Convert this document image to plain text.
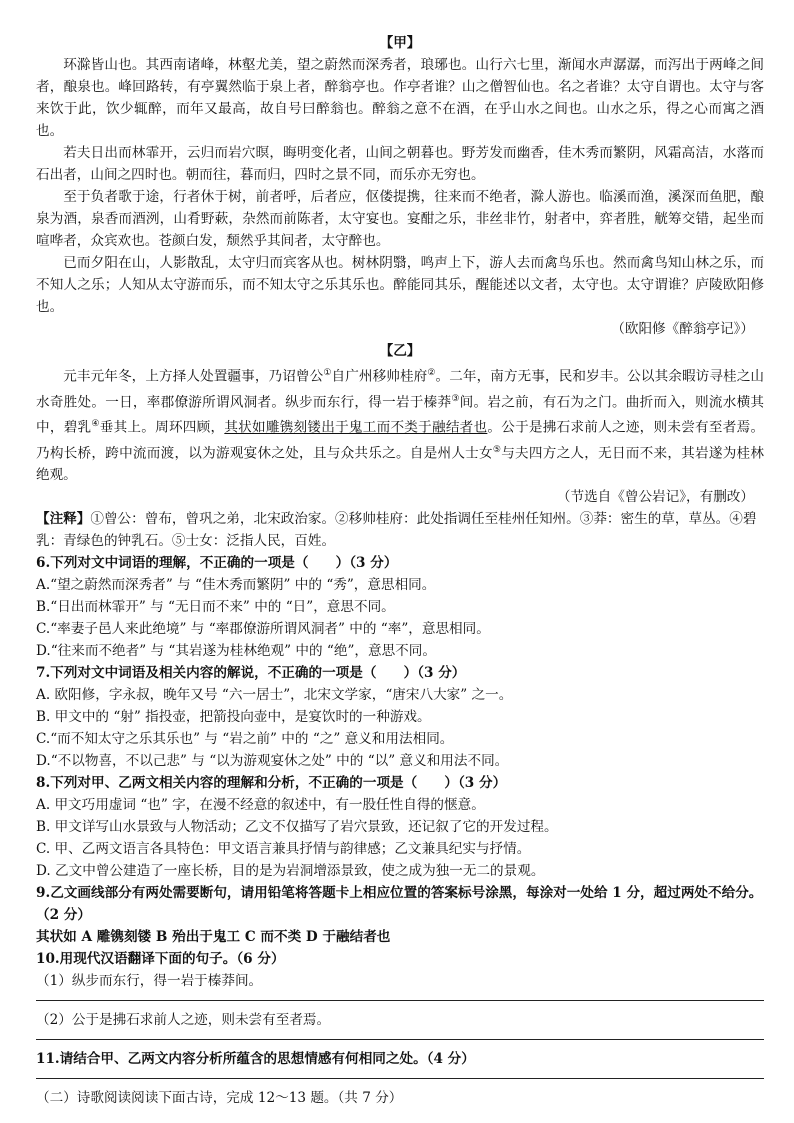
【甲】

环滁皆山也。其西南诸峰，林壑尤美，望之蔚然而深秀者，琅琊也。山行六七里，渐闻水声潺潺，而泻出于两峰之间者，酿泉也。峰回路转，有亭翼然临于泉上者，醉翁亭也。作亭者谁？山之僧智仙也。名之者谁？太守自谓也。太守与客来饮于此，饮少辄醉，而年又最高，故自号曰醉翁也。醉翁之意不在酒，在乎山水之间也。山水之乐，得之心而寓之酒也。

若夫日出而林霏开，云归而岩穴暝，晦明变化者，山间之朝暮也。野芳发而幽香，佳木秀而繁阴，风霜高洁，水落而石出者，山间之四时也。朝而往，暮而归，四时之景不同，而乐亦无穷也。

至于负者歌于途，行者休于树，前者呼，后者应，伛偻提携，往来而不绝者，滁人游也。临溪而渔，溪深而鱼肥，酿泉为酒，泉香而酒洌，山肴野蔌，杂然而前陈者，太守宴也。宴酣之乐，非丝非竹，射者中，弈者胜，觥筹交错，起坐而喧哗者，众宾欢也。苍颜白发，颓然乎其间者，太守醉也。

已而夕阳在山，人影散乱，太守归而宾客从也。树林阴翳，鸣声上下，游人去而禽鸟乐也。然而禽鸟知山林之乐，而不知人之乐；人知从太守游而乐，而不知太守之乐其乐也。醉能同其乐，醒能述以文者，太守也。太守谓谁？庐陵欧阳修也。

（欧阳修《醉翁亭记》）

【乙】

元丰元年冬，上方择人处置疆事，乃诏曾公①自广州移帅桂府②。二年，南方无事，民和岁丰。公以其余暇访寻桂之山水奇胜处。一日，率郡僚游所谓风洞者。纵步而东行，得一岩于榛莽③间。岩之前，有石为之门。曲折而入，则流水横其中，碧乳④垂其上。周环四顾，其状如雕镌刻镂出于鬼工而不类于融结者也。公于是拂石求前人之迹，则未尝有至者焉。乃构长桥，跨中流而渡，以为游观宴休之处，且与众共乐之。自是州人士女⑤与夫四方之人，无日而不来，其岩遂为桂林绝观。

（节选自《曾公岩记》，有删改）

【注释】①曾公：曾布，曾巩之弟，北宋政治家。②移帅桂府：此处指调任至桂州任知州。③莽：密生的草，草丛。④碧乳：青绿色的钟乳石。⑤士女：泛指人民，百姓。

6.下列对文中词语的理解，不正确的一项是（　　）（3 分）

A.“望之蔚然而深秀者” 与 “佳木秀而繁阴” 中的 “秀”，意思相同。

B.“日出而林霏开” 与 “无日而不来” 中的 “日”，意思不同。

C.“率妻子邑人来此绝境” 与 “率郡僚游所谓风洞者” 中的 “率”，意思相同。

D.“往来而不绝者” 与 “其岩遂为桂林绝观” 中的 “绝”，意思不同。

7.下列对文中词语及相关内容的解说，不正确的一项是（　　）（3 分）

A. 欧阳修，字永叔，晚年又号 “六一居士”，北宋文学家，“唐宋八大家” 之一。

B. 甲文中的 “射” 指投壶，把箭投向壶中，是宴饮时的一种游戏。

C.“而不知太守之乐其乐也” 与 “岩之前” 中的 “之” 意义和用法相同。

D.“不以物喜，不以己悲” 与 “以为游观宴休之处” 中的 “以” 意义和用法不同。

8.下列对甲、乙两文相关内容的理解和分析，不正确的一项是（　　）（3 分）

A. 甲文巧用虚词 “也” 字，在漫不经意的叙述中，有一股任性自得的惬意。

B. 甲文详写山水景致与人物活动；乙文不仅描写了岩穴景致，还记叙了它的开发过程。

C. 甲、乙两文语言各具特色：甲文语言兼具抒情与韵律感；乙文兼具纪实与抒情。

D. 乙文中曾公建造了一座长桥，目的是为岩洞增添景致，使之成为独一无二的景观。

9.乙文画线部分有两处需要断句，请用铅笔将答题卡上相应位置的答案标号涂黑，每涂对一处给 1 分，超过两处不给分。（2 分）

其状如 A 雕镌刻镂 B 殆出于鬼工 C 而不类 D 于融结者也

10.用现代汉语翻译下面的句子。（6 分）

（1）纵步而东行，得一岩于榛莽间。

（2）公于是拂石求前人之迹，则未尝有至者焉。

11.请结合甲、乙两文内容分析所蕴含的思想情感有何相同之处。（4 分）

（二）诗歌阅读阅读下面古诗，完成 12～13 题。（共 7 分）
